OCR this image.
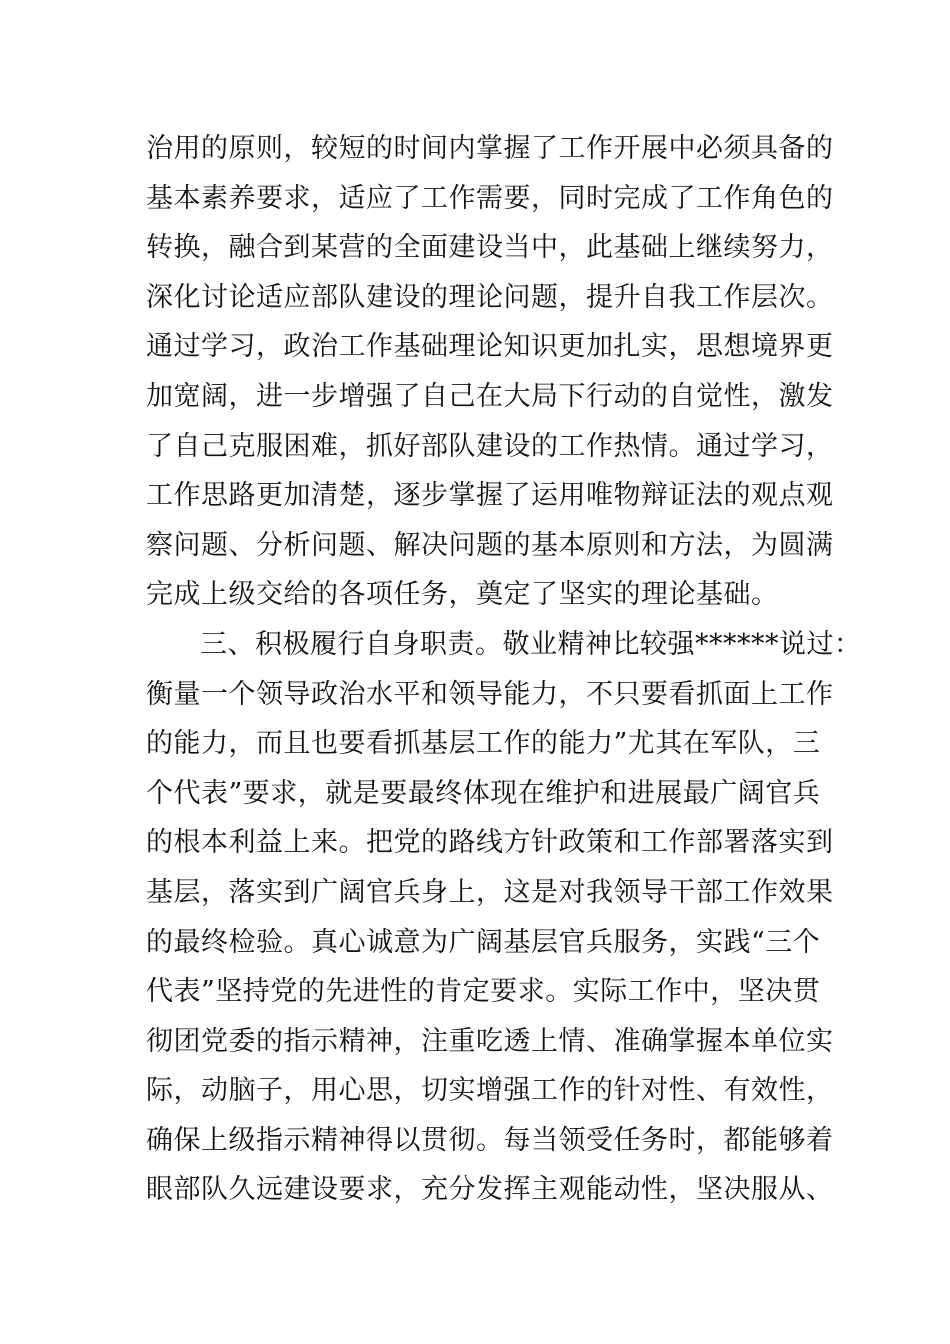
治用的原则，较短的时间内掌握了工作开展中必须具备的
基本素养要求，适应了工作需要，同时完成了工作角色的
转换，融合到某营的全面建设当中，此基础上继续努力，
深化讨论适应部队建设的理论问题，提升自我工作层次。
通过学习，政治工作基础理论知识更加扎实，思想境界更
加宽阔，进一步增强了自己在大局下行动的自觉性，激发
了自己克服困难，抓好部队建设的工作热情。通过学习，
工作思路更加清楚，逐步掌握了运用唯物辩证法的观点观
察问题、分析问题、解决问题的基本原则和方法，为圆满
完成上级交给的各项任务，奠定了坚实的理论基础。
三、积极履行自身职责。敬业精神比较强******说过：
衡量一个领导政治水平和领导能力，不只要看抓面上工作
的能力，而且也要看抓基层工作的能力”尤其在军队，三
个代表”要求，就是要最终体现在维护和进展最广阔官兵
的根本利益上来。把党的路线方针政策和工作部署落实到
基层，落实到广阔官兵身上，这是对我领导干部工作效果
的最终检验。真心诚意为广阔基层官兵服务，实践“三个
代表”坚持党的先进性的肯定要求。实际工作中，坚决贯
彻团党委的指示精神，注重吃透上情、准确掌握本单位实
际，动脑子，用心思，切实增强工作的针对性、有效性，
确保上级指示精神得以贯彻。每当领受任务时，都能够着
眼部队久远建设要求，充分发挥主观能动性，坚决服从、
